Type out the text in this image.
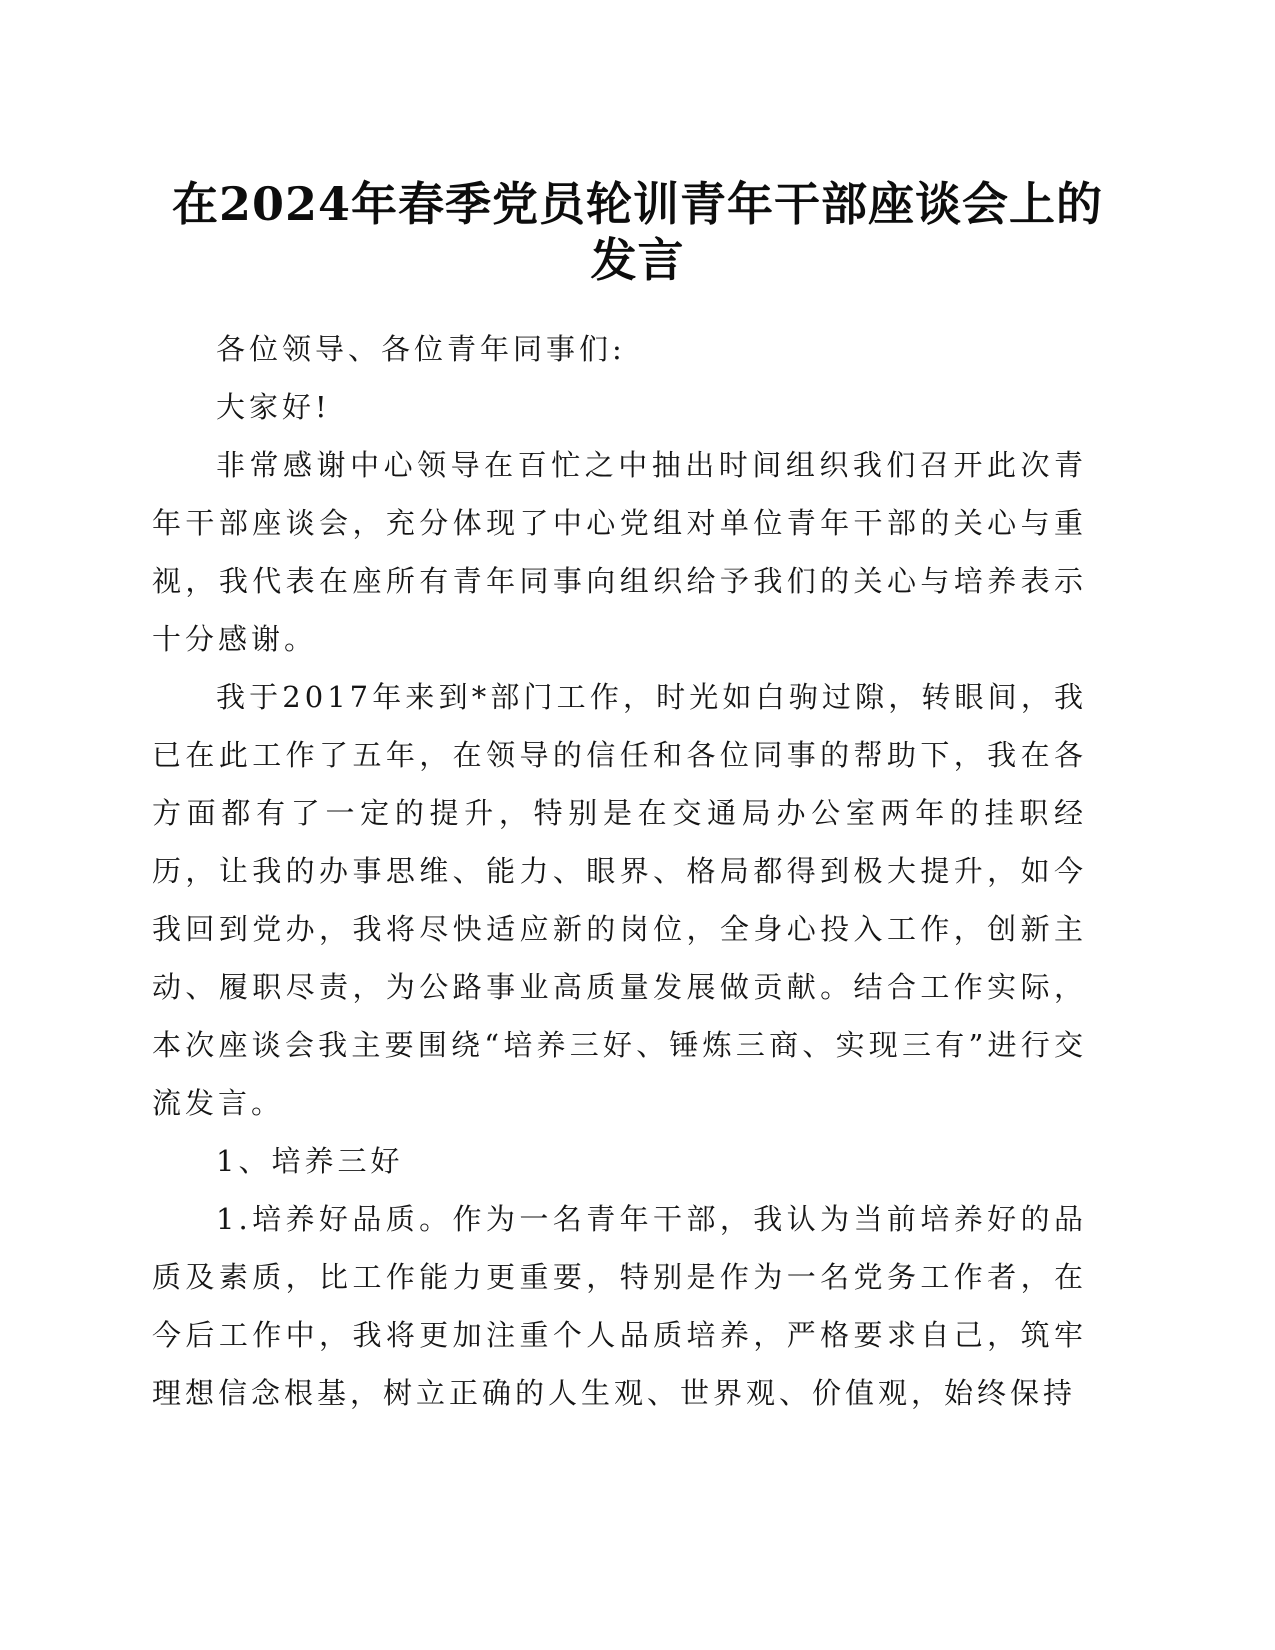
在2024年春季党员轮训青年干部座谈会上的发言

各位领导、各位青年同事们:

大家好!

非常感谢中心领导在百忙之中抽出时间组织我们召开此次青年干部座谈会，充分体现了中心党组对单位青年干部的关心与重视，我代表在座所有青年同事向组织给予我们的关心与培养表示十分感谢。

我于2017年来到*部门工作，时光如白驹过隙，转眼间，我已在此工作了五年，在领导的信任和各位同事的帮助下，我在各方面都有了一定的提升，特别是在交通局办公室两年的挂职经历，让我的办事思维、能力、眼界、格局都得到极大提升，如今我回到党办，我将尽快适应新的岗位，全身心投入工作，创新主动、履职尽责，为公路事业高质量发展做贡献。结合工作实际，本次座谈会我主要围绕“培养三好、锤炼三商、实现三有”进行交流发言。

1、培养三好

1.培养好品质。作为一名青年干部，我认为当前培养好的品质及素质，比工作能力更重要，特别是作为一名党务工作者，在今后工作中，我将更加注重个人品质培养，严格要求自己，筑牢理想信念根基，树立正确的人生观、世界观、价值观，始终保持
